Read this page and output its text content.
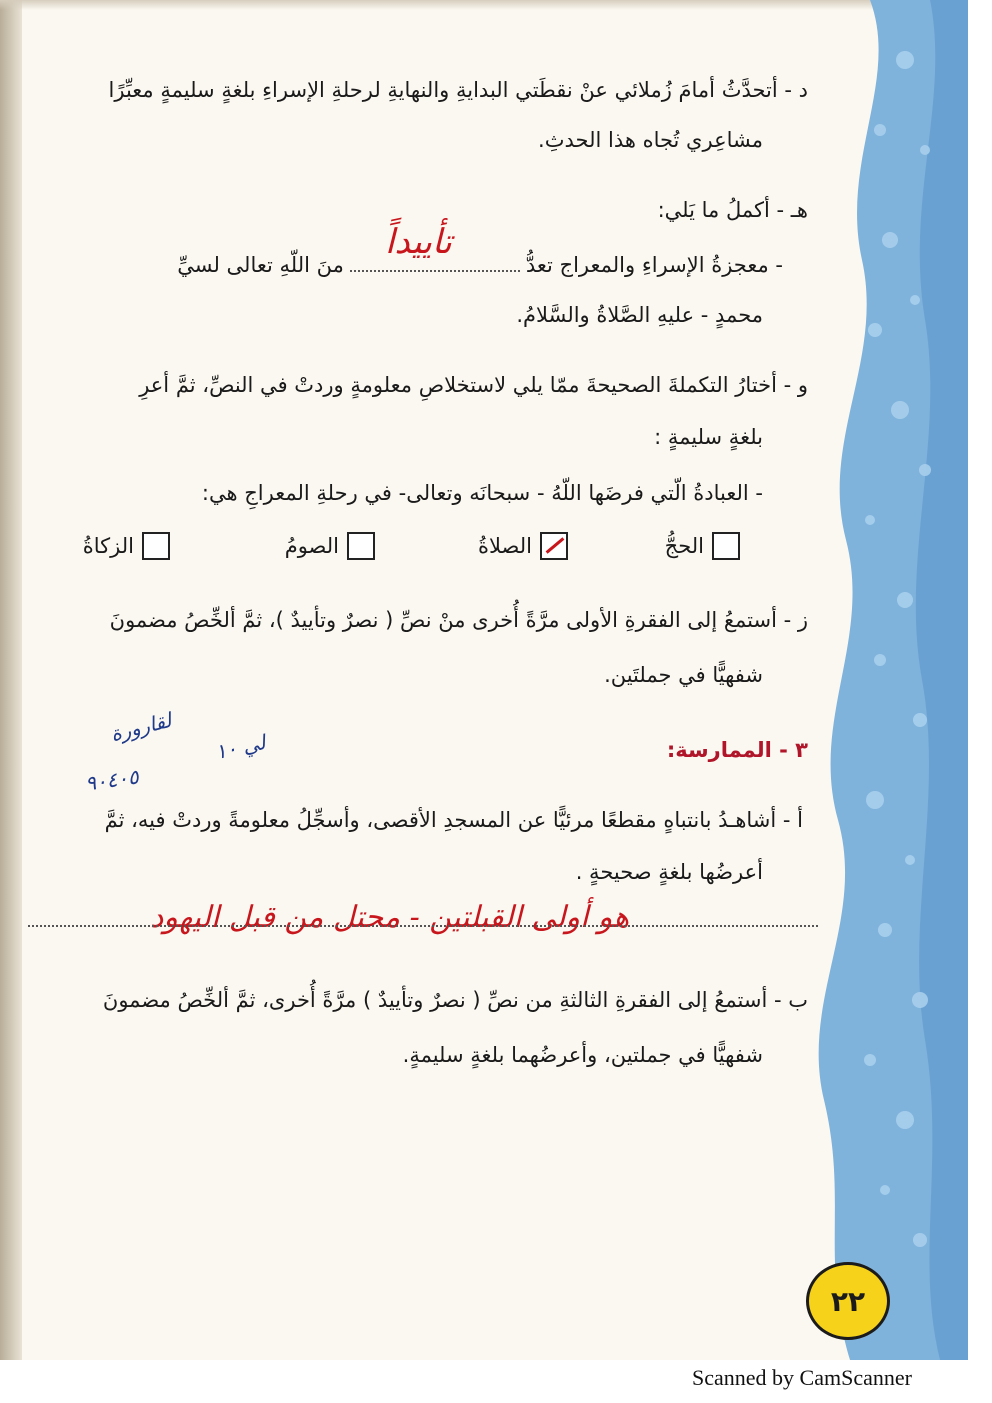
د - أتحدَّثُ أمامَ زُملائي عنْ نقطَتي البدايةِ والنهايةِ لرحلةِ الإسراءِ بلغةٍ سليمةٍ معبِّرًا
مشاعِري تُجاه هذا الحدثِ.
هـ - أكملُ ما يَلي:
- معجزةُ الإسراءِ والمعراج تعدُّمنَ اللّهِ تعالى لسيِّ
تأييداً
محمدٍ - عليهِ الصَّلاةُ والسَّلامُ.
و - أختارُ التكملةَ الصحيحةَ ممّا يلي لاستخلاصِ معلومةٍ وردتْ في النصِّ، ثمَّ أعرِ
بلغةٍ سليمةٍ :
- العبادةُ الّتي فرضَها اللّهُ - سبحانَه وتعالى- في رحلةِ المعراجِ هي:
الحجُّ
الصلاةُ
الصومُ
الزكاةُ
ز - أستمعُ إلى الفقرةِ الأولى مرَّةً أُخرى منْ نصِّ ( نصرٌ وتأييدٌ )، ثمَّ ألخِّصُ مضمونَ
شفهيًّا في جملتَين.
لقارورة
٩٠٤٠٥
لي ١٠	٣ - الممارسة:
أ - أشاهـدُ بانتباهٍ مقطعًا مرئيًّا عن المسجدِ الأقصى، وأسجِّلُ معلومةً وردتْ فيه، ثمَّ
أعرضُها بلغةٍ صحيحةٍ .
هو أولى القبلتين - محتل من قبل اليهود
ب - أستمعُ إلى الفقرةِ الثالثةِ من نصِّ ( نصرٌ وتأييدٌ ) مرَّةً أُخرى، ثمَّ ألخِّصُ مضمونَ
شفهيًّا في جملتين، وأعرضُهما بلغةٍ سليمةٍ.
٢٢
Scanned by CamScanner
